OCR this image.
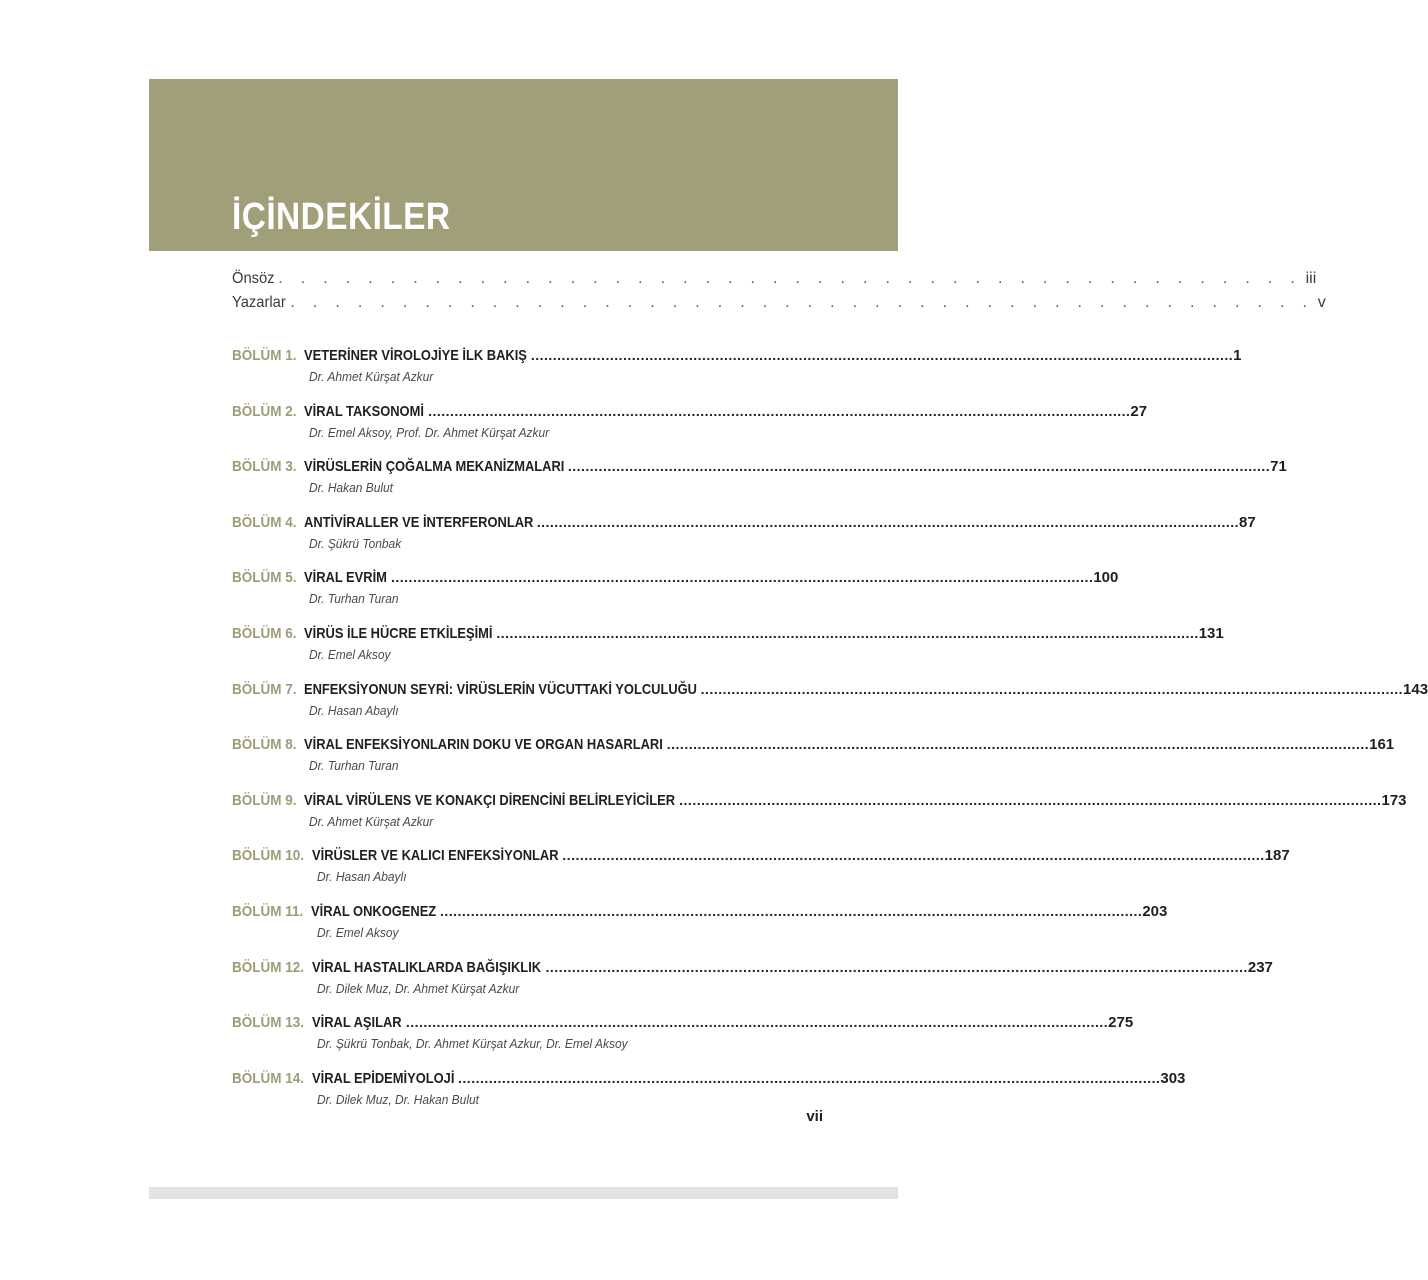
İÇİNDEKİLER
Önsöz . . . . . . . . . . . . . . . . . . . . . . . . . . . . . . . . . . . . . . . . . . . . . . iii
Yazarlar . . . . . . . . . . . . . . . . . . . . . . . . . . . . . . . . . . . . . . . . . . . . . . v
BÖLÜM 1. VETERİNER VİROLOJİYE İLK BAKIŞ ................................................................................................................................................................ 1
Dr. Ahmet Kürşat Azkur
BÖLÜM 2. VİRAL TAKSONOMİ ................................................................................................................................................................ 27
Dr. Emel Aksoy, Prof. Dr. Ahmet Kürşat Azkur
BÖLÜM 3. VİRÜSLERİN ÇOĞALMA MEKANİZMALARI ................................................................................................................................................................ 71
Dr. Hakan Bulut
BÖLÜM 4. ANTİVİRALLER VE İNTERFERONLAR ................................................................................................................................................................ 87
Dr. Şükrü Tonbak
BÖLÜM 5. VİRAL EVRİM ................................................................................................................................................................ 100
Dr. Turhan Turan
BÖLÜM 6. VİRÜS İLE HÜCRE ETKİLEŞİMİ ................................................................................................................................................................ 131
Dr. Emel Aksoy
BÖLÜM 7. ENFEKSİYONUN SEYRİ: VİRÜSLERİN VÜCUTTAKİ YOLCULUĞU ................................................................................................................................................................ 143
Dr. Hasan Abaylı
BÖLÜM 8. VİRAL ENFEKSİYONLARIN DOKU VE ORGAN HASARLARI ................................................................................................................................................................ 161
Dr. Turhan Turan
BÖLÜM 9. VİRAL VİRÜLENS VE KONAKÇI DİRENCİNİ BELİRLEYİCİLER ................................................................................................................................................................ 173
Dr. Ahmet Kürşat Azkur
BÖLÜM 10. VİRÜSLER VE KALICI ENFEKSİYONLAR ................................................................................................................................................................ 187
Dr. Hasan Abaylı
BÖLÜM 11. VİRAL ONKOGENEZ ................................................................................................................................................................ 203
Dr. Emel Aksoy
BÖLÜM 12. VİRAL HASTALIKLARDA BAĞIŞIKLIK ................................................................................................................................................................ 237
Dr. Dilek Muz, Dr. Ahmet Kürşat Azkur
BÖLÜM 13. VİRAL AŞILAR ................................................................................................................................................................ 275
Dr. Şükrü Tonbak, Dr. Ahmet Kürşat Azkur, Dr. Emel Aksoy
BÖLÜM 14. VİRAL EPİDEMİYOLOJİ ................................................................................................................................................................ 303
Dr. Dilek Muz, Dr. Hakan Bulut
vii
